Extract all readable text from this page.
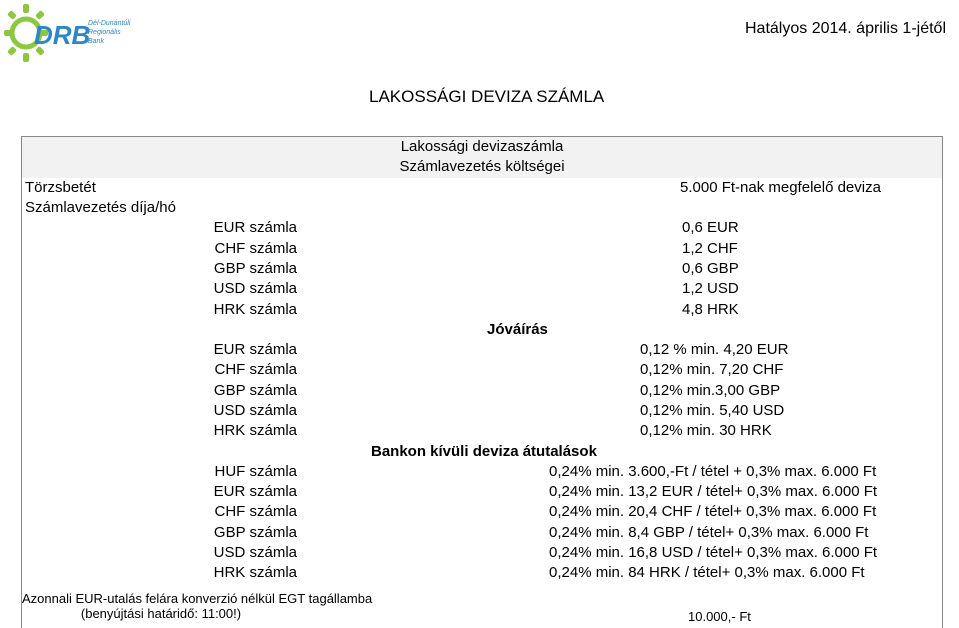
DRB
Dél-Dunántúli
Regionális
Bank
Hatályos 2014. április 1-jétől
LAKOSSÁGI DEVIZA SZÁMLA
Lakossági devizaszámla		
Számlavezetés költségei		
Törzsbetét	5.000 Ft-nak megfelelő deviza	
Számlavezetés díja/hó		
EUR számla		0,6 EUR
CHF számla		1,2 CHF
GBP számla		0,6 GBP
USD számla		1,2 USD
HRK számla		4,8 HRK
Jóváírás		
EUR számla		0,12 % min. 4,20 EUR
CHF számla		0,12% min. 7,20 CHF
GBP számla		0,12% min.3,00 GBP
USD számla		0,12% min. 5,40 USD
HRK számla		0,12% min. 30 HRK
Bankon kívüli deviza átutalások		
HUF számla		0,24% min. 3.600,-Ft / tétel + 0,3% max. 6.000 Ft
EUR számla		0,24% min. 13,2 EUR / tétel+ 0,3% max. 6.000 Ft
CHF számla		0,24% min. 20,4 CHF / tétel+ 0,3% max. 6.000 Ft
GBP számla		0,24% min. 8,4 GBP / tétel+ 0,3% max. 6.000 Ft
USD számla		0,24% min. 16,8 USD / tétel+ 0,3% max. 6.000 Ft
HRK számla		0,24% min. 84 HRK / tétel+ 0,3% max. 6.000 Ft

Azonnali EUR-utalás felára konverzió nélkül EGT tagállamba
(benyújtási határidő: 11:00!)		10.000,- Ft
